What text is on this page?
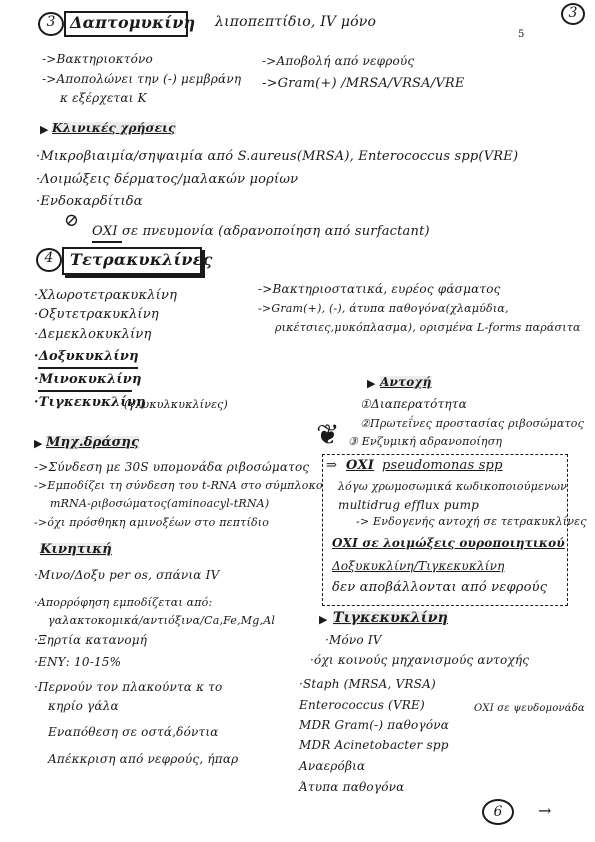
3
5
3 Δαπτομυκίνη λιποπεπτίδιο, IV μόνο
->Βακτηριοκτόνο
->Αποπολώνει την (-) μεμβράνη
κ εξέρχεται Κ
->Αποβολή από νεφρούς
->Gram(+) /MRSA/VRSA/VRE
▶ Κλινικές χρήσεις
·Μικροβιαιμία/σηψαιμία από S.aureus(MRSA), Enterococcus spp(VRE)
·Λοιμώξεις δέρματος/μαλακών μορίων
·Ενδοκαρδίτιδα
⊘
ΟΧΙ σε πνευμονία (αδρανοποίηση από surfactant)
4	Τετρακυκλίνες
·Χλωροτετρακυκλίνη
·Οξυτετρακυκλίνη
·Δεμεκλοκυκλίνη
·Δοξυκυκλίνη
·Μινοκυκλίνη
·Τιγκεκυκλίνη
(γλυκυλκυκλίνες)
->Βακτηριοστατικά, ευρέος φάσματος
->Gram(+), (-), άτυπα παθογόνα(χλαμύδια,
ρικέτσιες,μυκόπλασμα), ορισμένα L-forms παράσιτα
▶ Μηχ.δράσης
->Σύνδεση με 30S υπομονάδα ριβοσώματος
->Εμποδίζει τη σύνδεση του t-RNA στο σύμπλοκο
mRNA-ριβοσώματος(aminoacyl-tRNA)
->όχι πρόσθηκη αμινοξέων στο πεπτίδιο
Κινητική
·Μινο/Δοξυ per os, σπάνια IV
·Απορρόφηση εμποδίζεται από:
γαλακτοκομικά/αντιόξινα/Ca,Fe,Mg,Al
·Ξηρτία κατανομή
·ΕΝΥ: 10-15%
·Περνούν τον πλακούντα κ το
κηρίο γάλα
Εναπόθεση σε οστά,δόντια
Απέκκριση από νεφρούς, ήπαρ
▶ Αντοχή
①Διαπερατότητα
②Πρωτεΐνες προστασίας ριβοσώματος
③ Ενζυμική αδρανοποίηση
❦
⇒ ΟΧΙ pseudomonas spp
λόγω χρωμοσωμικά κωδικοποιούμενων
multidrug efflux pump
-> Ενδογενής αντοχή σε τετρακυκλίνες
ΟΧΙ σε λοιμώξεις ουροποιητικού
Δοξυκυκλίνη/Τιγκεκυκλίνη
δεν αποβάλλονται από νεφρούς
▶ Τιγκεκυκλίνη
·Μόνο IV
·όχι κοινούς μηχανισμούς αντοχής
·Staph (MRSA, VRSA)
Enterococcus (VRE)
MDR Gram(-) παθογόνα
MDR Acinetobacter spp
Αναερόβια
Άτυπα παθογόνα
ΟΧΙ σε ψευδομονάδα
6	→
